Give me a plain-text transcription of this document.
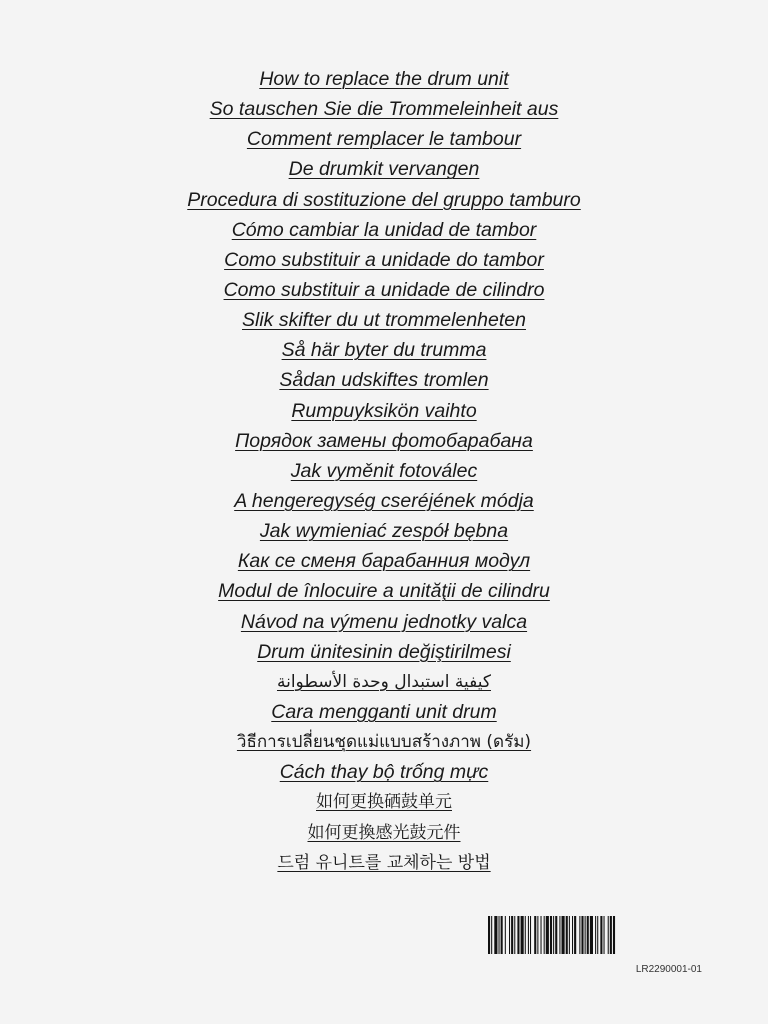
How to replace the drum unit
So tauschen Sie die Trommeleinheit aus
Comment remplacer le tambour
De drumkit vervangen
Procedura di sostituzione del gruppo tamburo
Cómo cambiar la unidad de tambor
Como substituir a unidade do tambor
Como substituir a unidade de cilindro
Slik skifter du ut trommelenheten
Så här byter du trumma
Sådan udskiftes tromlen
Rumpuyksikön vaihto
Порядок замены фотобарабана
Jak vyměnit fotoválec
A hengeregység cseréjének módja
Jak wymieniać zespół bębna
Как се сменя барабанния модул
Modul de înlocuire a unităţii de cilindru
Návod na výmenu jednotky valca
Drum ünitesinin değiştirilmesi
كيفية استبدال وحدة الأسطوانة
Cara mengganti unit drum
วิธีการเปลี่ยนชุดแม่แบบสร้างภาพ (ดรัม)
Cách thay bộ trống mực
如何更换硒鼓单元
如何更換感光鼓元件
드럼 유니트를 교체하는 방법
LR2290001-01
